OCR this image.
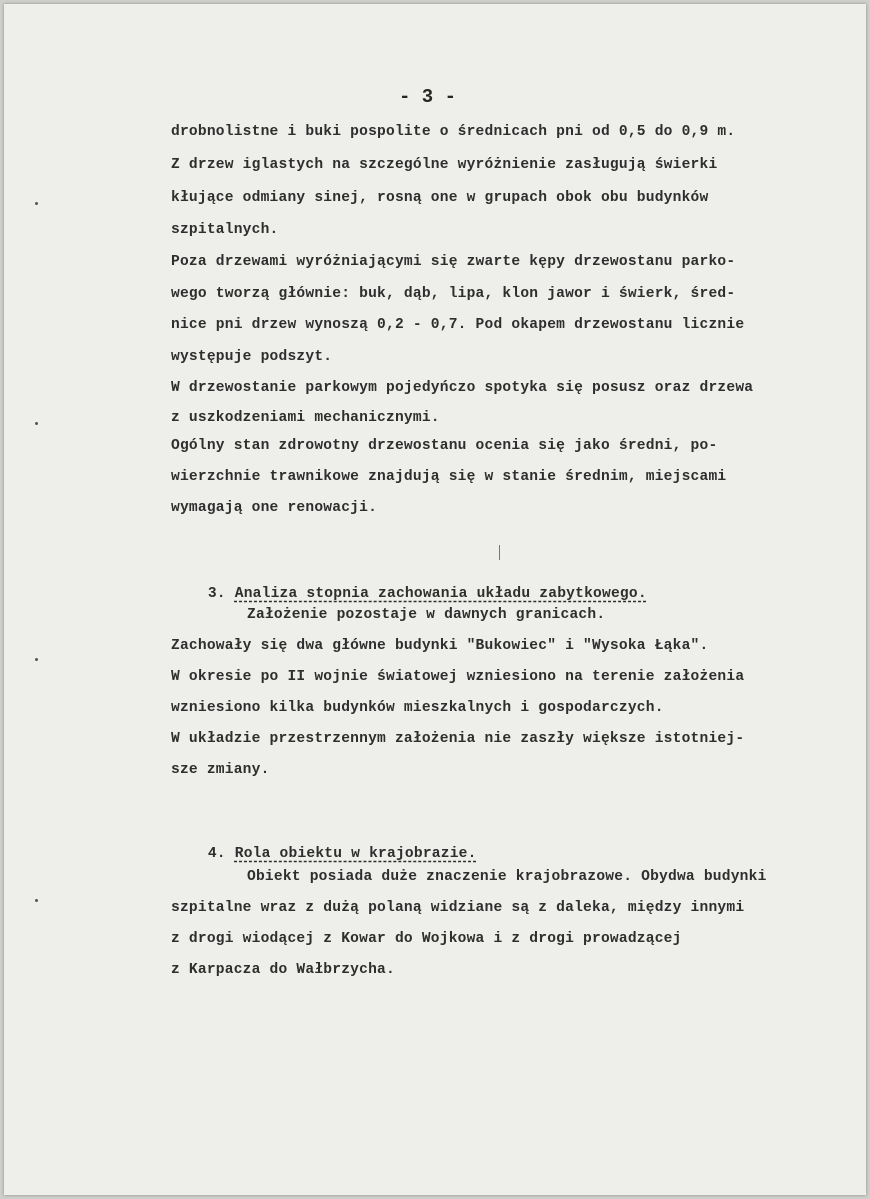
- 3 -
drobnolistne i buki pospolite o średnicach pni od 0,5 do 0,9 m.
Z drzew iglastych na szczególne wyróżnienie zasługują świerki
kłujące odmiany sinej, rosną one w grupach obok obu budynków
szpitalnych.
Poza drzewami wyróżniającymi się zwarte kępy drzewostanu parko-
wego tworzą głównie: buk, dąb, lipa, klon jawor i świerk, śred-
nice pni drzew wynoszą 0,2 - 0,7. Pod okapem drzewostanu licznie
występuje podszyt.
W drzewostanie parkowym pojedyńczo spotyka się posusz oraz drzewa
z uszkodzeniami mechanicznymi.
Ogólny stan zdrowotny drzewostanu ocenia się jako średni, po-
wierzchnie trawnikowe znajdują się w stanie średnim, miejscami
wymagają one renowacji.

3. Analiza stopnia zachowania układu zabytkowego.

Założenie pozostaje w dawnych granicach.
Zachowały się dwa główne budynki "Bukowiec" i "Wysoka Łąka".
W okresie po II wojnie światowej wzniesiono na terenie założenia
wzniesiono kilka budynków mieszkalnych i gospodarczych.
W układzie przestrzennym założenia nie zaszły większe istotniej-
sze zmiany.

4. Rola obiektu w krajobrazie.

Obiekt posiada duże znaczenie krajobrazowe. Obydwa budynki
szpitalne wraz z dużą polaną widziane są z daleka, między innymi
z drogi wiodącej z Kowar do Wojkowa i z drogi prowadzącej
z Karpacza do Wałbrzycha.
